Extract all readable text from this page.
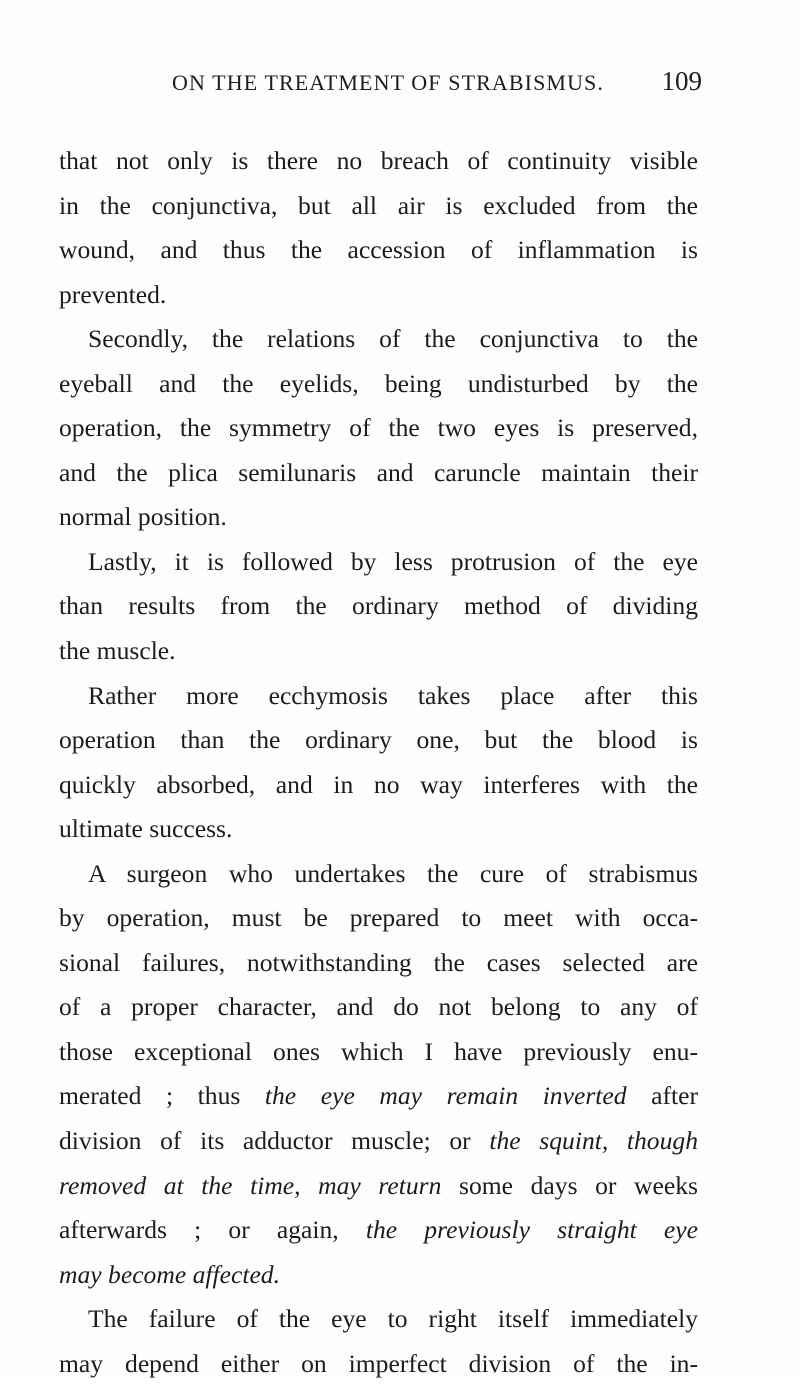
ON THE TREATMENT OF STRABISMUS. 109
that not only is there no breach of continuity visible
in the conjunctiva, but all air is excluded from the
wound, and thus the accession of inflammation is
prevented.
Secondly, the relations of the conjunctiva to the
eyeball and the eyelids, being undisturbed by the
operation, the symmetry of the two eyes is preserved,
and the plica semilunaris and caruncle maintain their
normal position.
Lastly, it is followed by less protrusion of the eye
than results from the ordinary method of dividing
the muscle.
Rather more ecchymosis takes place after this
operation than the ordinary one, but the blood is
quickly absorbed, and in no way interferes with the
ultimate success.
A surgeon who undertakes the cure of strabismus
by operation, must be prepared to meet with occa-
sional failures, notwithstanding the cases selected are
of a proper character, and do not belong to any of
those exceptional ones which I have previously enu-
merated ; thus the eye may remain inverted after
division of its adductor muscle; or the squint, though
removed at the time, may return some days or weeks
afterwards ; or again, the previously straight eye
may become affected.
The failure of the eye to right itself immediately
may depend either on imperfect division of the in-
